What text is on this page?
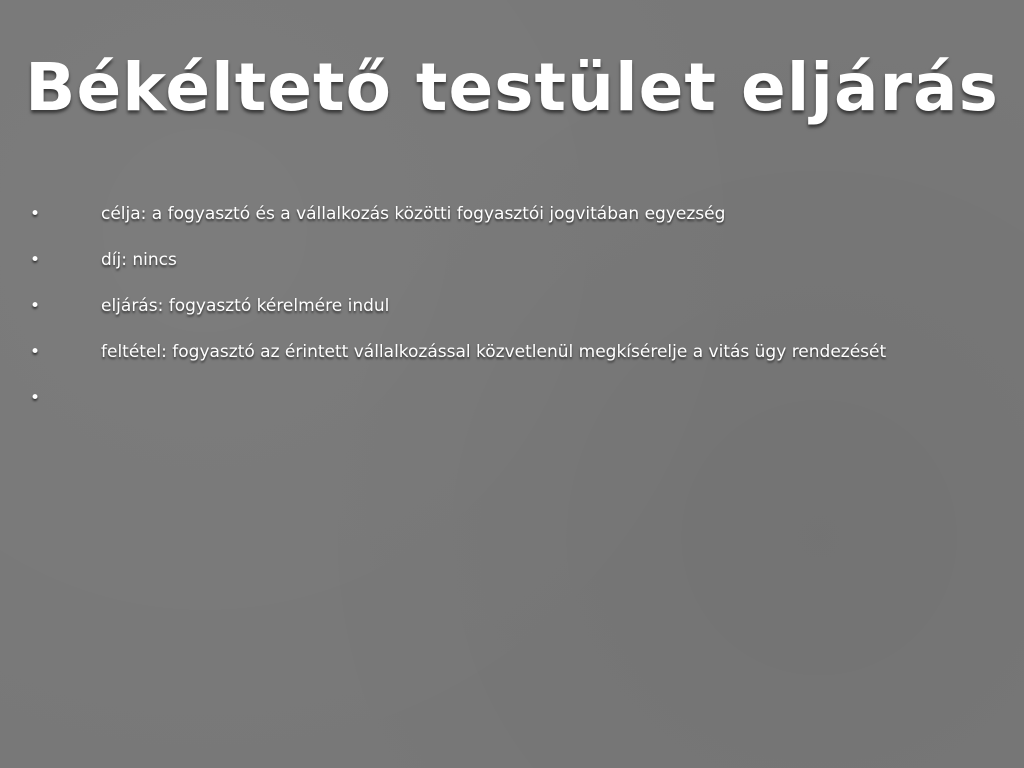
Békéltető testület eljárás
•	célja: a fogyasztó és a vállalkozás közötti fogyasztói jogvitában egyezség
•	díj: nincs
•	eljárás: fogyasztó kérelmére indul
•	feltétel: fogyasztó az érintett vállalkozással közvetlenül megkísérelje a vitás ügy rendezését
•
